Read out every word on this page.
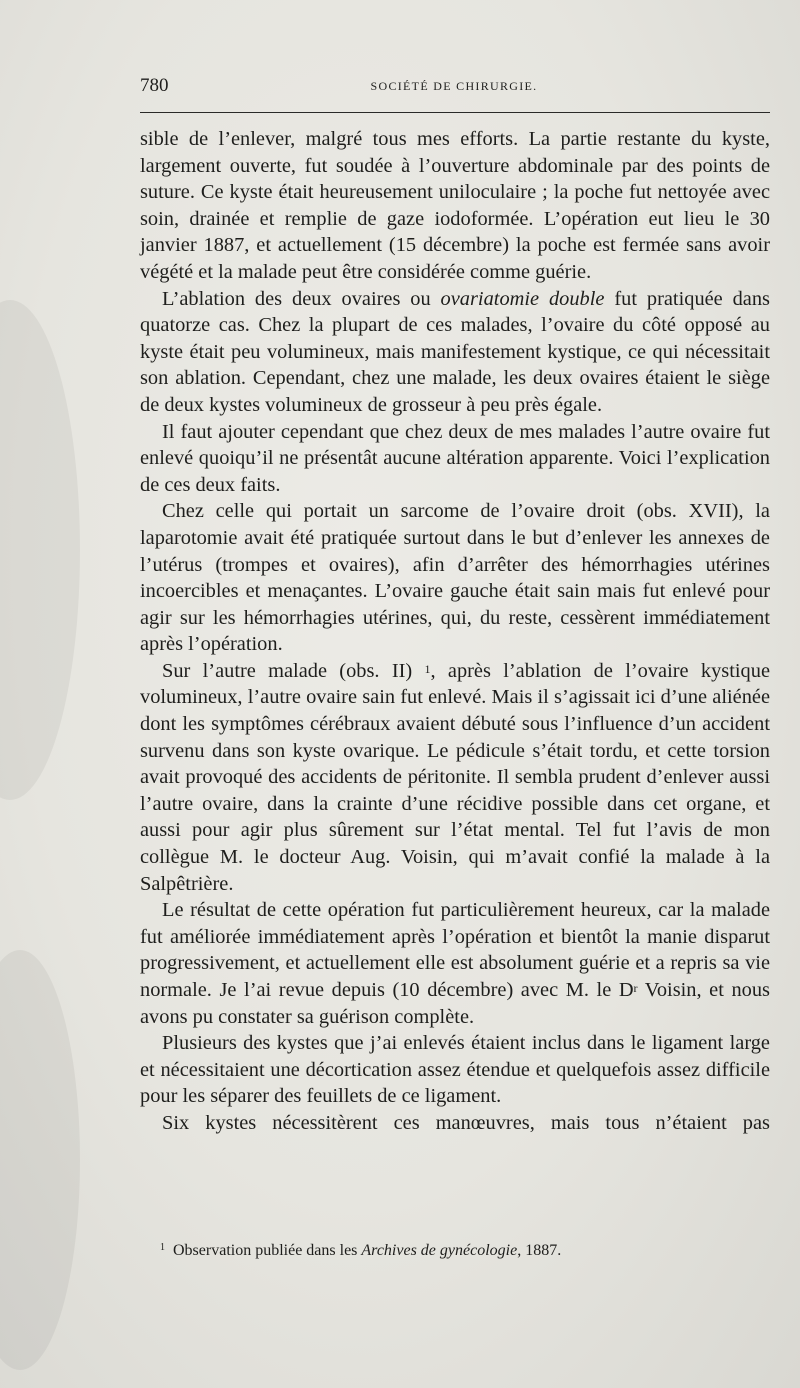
780	SOCIÉTÉ DE CHIRURGIE.

sible de l’enlever, malgré tous mes efforts. La partie restante du kyste, largement ouverte, fut soudée à l’ouverture abdominale par des points de suture. Ce kyste était heureusement uniloculaire ; la poche fut nettoyée avec soin, drainée et remplie de gaze iodoformée. L’opération eut lieu le 30 janvier 1887, et actuellement (15 décembre) la poche est fermée sans avoir végété et la malade peut être considérée comme guérie.

L’ablation des deux ovaires ou ovariatomie double fut pratiquée dans quatorze cas. Chez la plupart de ces malades, l’ovaire du côté opposé au kyste était peu volumineux, mais manifestement kystique, ce qui nécessitait son ablation. Cependant, chez une malade, les deux ovaires étaient le siège de deux kystes volumineux de grosseur à peu près égale.

Il faut ajouter cependant que chez deux de mes malades l’autre ovaire fut enlevé quoiqu’il ne présentât aucune altération apparente. Voici l’explication de ces deux faits.

Chez celle qui portait un sarcome de l’ovaire droit (obs. XVII), la laparotomie avait été pratiquée surtout dans le but d’enlever les annexes de l’utérus (trompes et ovaires), afin d’arrêter des hémorrhagies utérines incoercibles et menaçantes. L’ovaire gauche était sain mais fut enlevé pour agir sur les hémorrhagies utérines, qui, du reste, cessèrent immédiatement après l’opération.

Sur l’autre malade (obs. II) $^1$, après l’ablation de l’ovaire kystique volumineux, l’autre ovaire sain fut enlevé. Mais il s’agissait ici d’une aliénée dont les symptômes cérébraux avaient débuté sous l’influence d’un accident survenu dans son kyste ovarique. Le pédicule s’était tordu, et cette torsion avait provoqué des accidents de péritonite. Il sembla prudent d’enlever aussi l’autre ovaire, dans la crainte d’une récidive possible dans cet organe, et aussi pour agir plus sûrement sur l’état mental. Tel fut l’avis de mon collègue M. le docteur Aug. Voisin, qui m’avait confié la malade à la Salpêtrière.

Le résultat de cette opération fut particulièrement heureux, car la malade fut améliorée immédiatement après l’opération et bientôt la manie disparut progressivement, et actuellement elle est absolument guérie et a repris sa vie normale. Je l’ai revue depuis (10 décembre) avec M. le $D^r$ Voisin, et nous avons pu constater sa guérison complète.

Plusieurs des kystes que j’ai enlevés étaient inclus dans le ligament large et nécessitaient une décortication assez étendue et quelquefois assez difficile pour les séparer des feuillets de ce ligament.

Six kystes nécessitèrent ces manœuvres, mais tous n’étaient pas

$^1$ Observation publiée dans les Archives de gynécologie, 1887.
